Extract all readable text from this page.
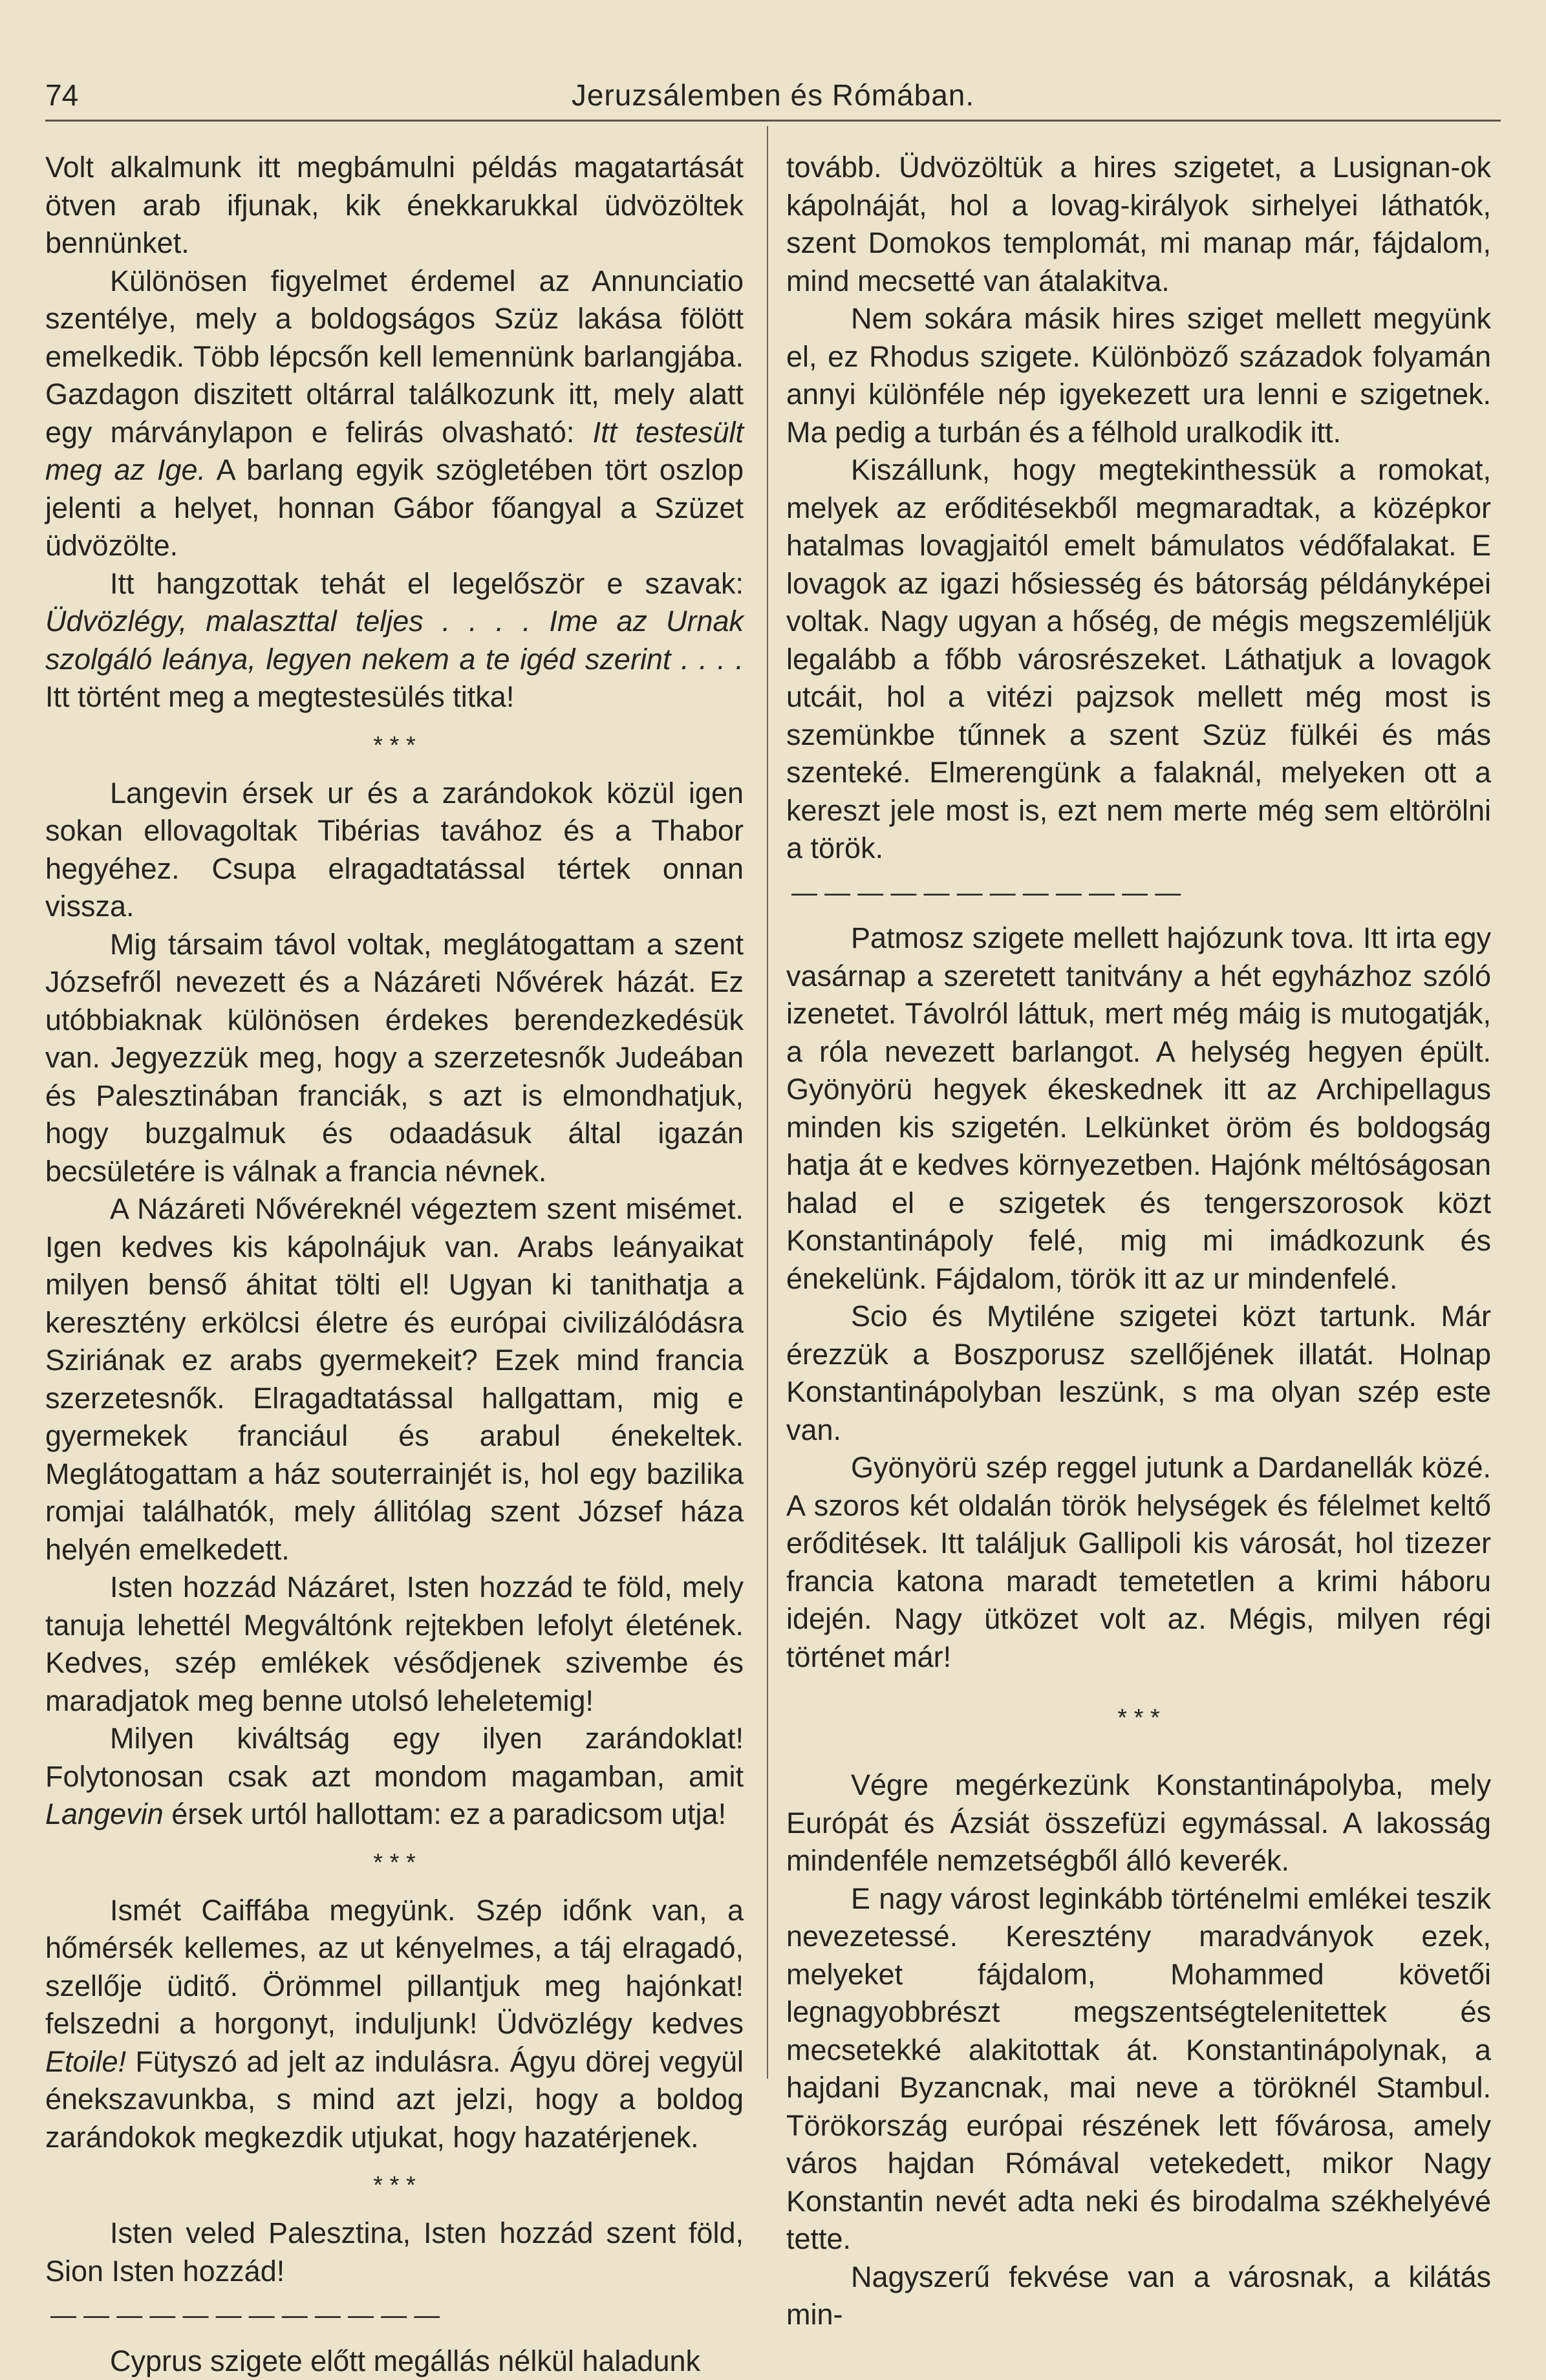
74	Jeruzsálemben és Rómában.

Volt alkalmunk itt megbámulni példás magatartását ötven arab ifjunak, kik énekkarukkal üdvözöltek bennünket.

Különösen figyelmet érdemel az Annunciatio szentélye, mely a boldogságos Szüz lakása fölött emelkedik. Több lépcsőn kell lemennünk barlangjába. Gazdagon diszitett oltárral találkozunk itt, mely alatt egy márványlapon e felirás olvasható: Itt testesült meg az Ige. A barlang egyik szögletében tört oszlop jelenti a helyet, honnan Gábor főangyal a Szüzet üdvözölte.

Itt hangzottak tehát el legelőször e szavak: Üdvözlégy, malaszttal teljes . . . . Ime az Urnak szolgáló leánya, legyen nekem a te igéd szerint . . . . Itt történt meg a megtestesülés titka!

* * *

Langevin érsek ur és a zarándokok közül igen sokan ellovagoltak Tibérias tavához és a Thabor hegyéhez. Csupa elragadtatással tértek onnan vissza.

Mig társaim távol voltak, meglátogattam a szent Józsefről nevezett és a Názáreti Nővérek házát. Ez utóbbiaknak különösen érdekes berendezkedésük van. Jegyezzük meg, hogy a szerzetesnők Judeában és Palesztinában franciák, s azt is elmondhatjuk, hogy buzgalmuk és odaadásuk által igazán becsületére is válnak a francia névnek.

A Názáreti Nővéreknél végeztem szent misémet. Igen kedves kis kápolnájuk van. Arabs leányaikat milyen benső áhitat tölti el! Ugyan ki tanithatja a keresztény erkölcsi életre és európai civilizálódásra Sziriának ez arabs gyermekeit? Ezek mind francia szerzetesnők. Elragadtatással hallgattam, mig e gyermekek franciául és arabul énekeltek. Meglátogattam a ház souterrainjét is, hol egy bazilika romjai találhatók, mely állitólag szent József háza helyén emelkedett.

Isten hozzád Názáret, Isten hozzád te föld, mely tanuja lehettél Megváltónk rejtekben lefolyt életének. Kedves, szép emlékek vésődjenek szivembe és maradjatok meg benne utolsó leheletemig!

Milyen kiváltság egy ilyen zarándoklat! Folytonosan csak azt mondom magamban, amit Langevin érsek urtól hallottam: ez a paradicsom utja!

* * *

Ismét Caiffába megyünk. Szép időnk van, a hőmérsék kellemes, az ut kényelmes, a táj elragadó, szellője üditő. Örömmel pillantjuk meg hajónkat! felszedni a horgonyt, induljunk! Üdvözlégy kedves Etoile! Fütyszó ad jelt az indulásra. Ágyu dörej vegyül énekszavunkba, s mind azt jelzi, hogy a boldog zarándokok megkezdik utjukat, hogy hazatérjenek.

* * *

Isten veled Palesztina, Isten hozzád szent föld, Sion Isten hozzád!

— — — — — — — — — — — —

Cyprus szigete előtt megállás nélkül haladunk

tovább. Üdvözöltük a hires szigetet, a Lusignan-ok kápolnáját, hol a lovag-királyok sirhelyei láthatók, szent Domokos templomát, mi manap már, fájdalom, mind mecsetté van átalakitva.

Nem sokára másik hires sziget mellett megyünk el, ez Rhodus szigete. Különböző századok folyamán annyi különféle nép igyekezett ura lenni e szigetnek. Ma pedig a turbán és a félhold uralkodik itt.

Kiszállunk, hogy megtekinthessük a romokat, melyek az erőditésekből megmaradtak, a középkor hatalmas lovagjaitól emelt bámulatos védőfalakat. E lovagok az igazi hősiesség és bátorság példányképei voltak. Nagy ugyan a hőség, de mégis megszemléljük legalább a főbb városrészeket. Láthatjuk a lovagok utcáit, hol a vitézi pajzsok mellett még most is szemünkbe tűnnek a szent Szüz fülkéi és más szenteké. Elmerengünk a falaknál, melyeken ott a kereszt jele most is, ezt nem merte még sem eltörölni a török.

— — — — — — — — — — — —

Patmosz szigete mellett hajózunk tova. Itt irta egy vasárnap a szeretett tanitvány a hét egyházhoz szóló izenetet. Távolról láttuk, mert még máig is mutogatják, a róla nevezett barlangot. A helység hegyen épült. Gyönyörü hegyek ékeskednek itt az Archipellagus minden kis szigetén. Lelkünket öröm és boldogság hatja át e kedves környezetben. Hajónk méltóságosan halad el e szigetek és tengerszorosok közt Konstantinápoly felé, mig mi imádkozunk és énekelünk. Fájdalom, török itt az ur mindenfelé.

Scio és Mytiléne szigetei közt tartunk. Már érezzük a Boszporusz szellőjének illatát. Holnap Konstantinápolyban leszünk, s ma olyan szép este van.

Gyönyörü szép reggel jutunk a Dardanellák közé. A szoros két oldalán török helységek és félelmet keltő erőditések. Itt találjuk Gallipoli kis városát, hol tizezer francia katona maradt temetetlen a krimi háboru idején. Nagy ütközet volt az. Mégis, milyen régi történet már!

* * *

Végre megérkezünk Konstantinápolyba, mely Európát és Ázsiát összefüzi egymással. A lakosság mindenféle nemzetségből álló keverék.

E nagy várost leginkább történelmi emlékei teszik nevezetessé. Keresztény maradványok ezek, melyeket fájdalom, Mohammed követői legnagyobbrészt megszentségtelenitettek és mecsetekké alakitottak át. Konstantinápolynak, a hajdani Byzancnak, mai neve a töröknél Stambul. Törökország európai részének lett fővárosa, amely város hajdan Rómával vetekedett, mikor Nagy Konstantin nevét adta neki és birodalma székhelyévé tette.

Nagyszerű fekvése van a városnak, a kilátás min-
